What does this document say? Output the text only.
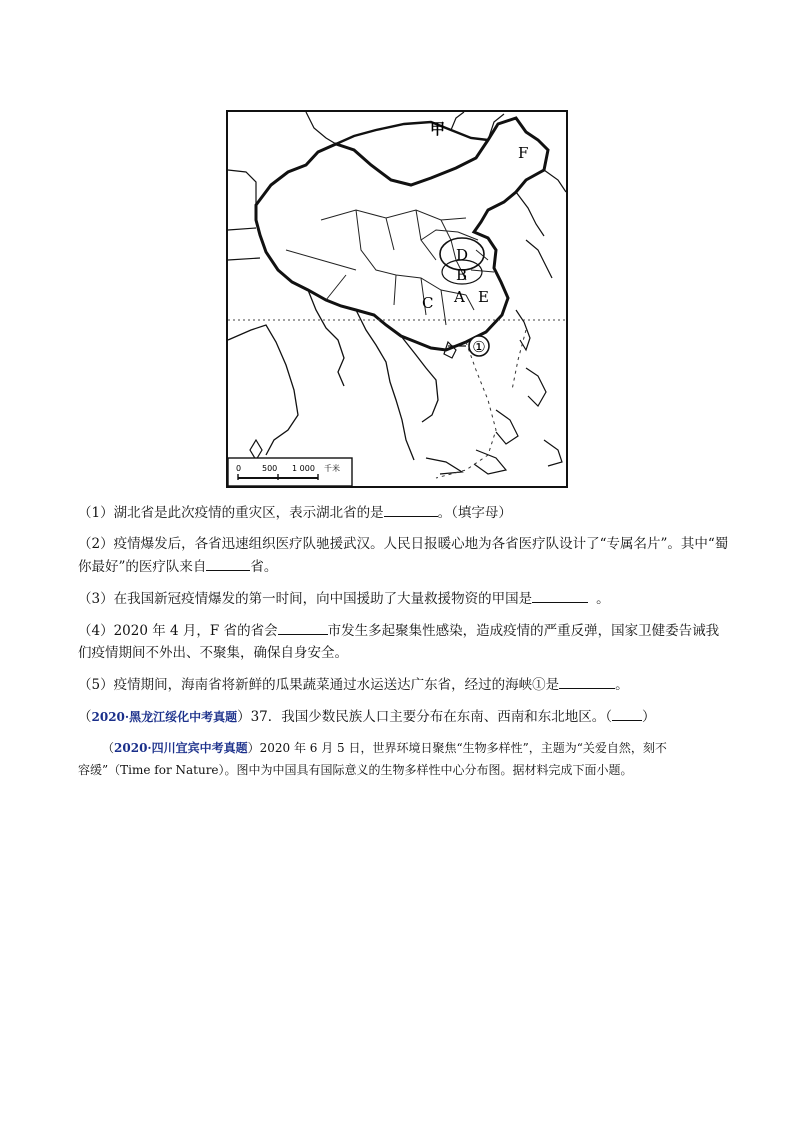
①
甲
F
D
B
C A E
0	500 1 000 千米
（1）湖北省是此次疫情的重灾区，表示湖北省的是	。（填字母）
（2）疫情爆发后，各省迅速组织医疗队驰援武汉。人民日报暖心地为各省医疗队设计了“专属名片”。其中“蜀
你最好”的医疗队来自	省。
（3）在我国新冠疫情爆发的第一时间，向中国援助了大量救援物资的甲国是	。
（4）2020 年 4 月，F 省的省会	市发生多起聚集性感染，造成疫情的严重反弹，国家卫健委告诫我
们疫情期间不外出、不聚集，确保自身安全。
（5）疫情期间，海南省将新鲜的瓜果蔬菜通过水运送达广东省，经过的海峡①是	。
（2020·黑龙江绥化中考真题）37．我国少数民族人口主要分布在东南、西南和东北地区。（ ）
（2020·四川宜宾中考真题）2020 年 6 月 5 日，世界环境日聚焦“生物多样性”，主题为“关爱自然，刻不
容缓”（Time for Nature）。图中为中国具有国际意义的生物多样性中心分布图。据材料完成下面小题。
